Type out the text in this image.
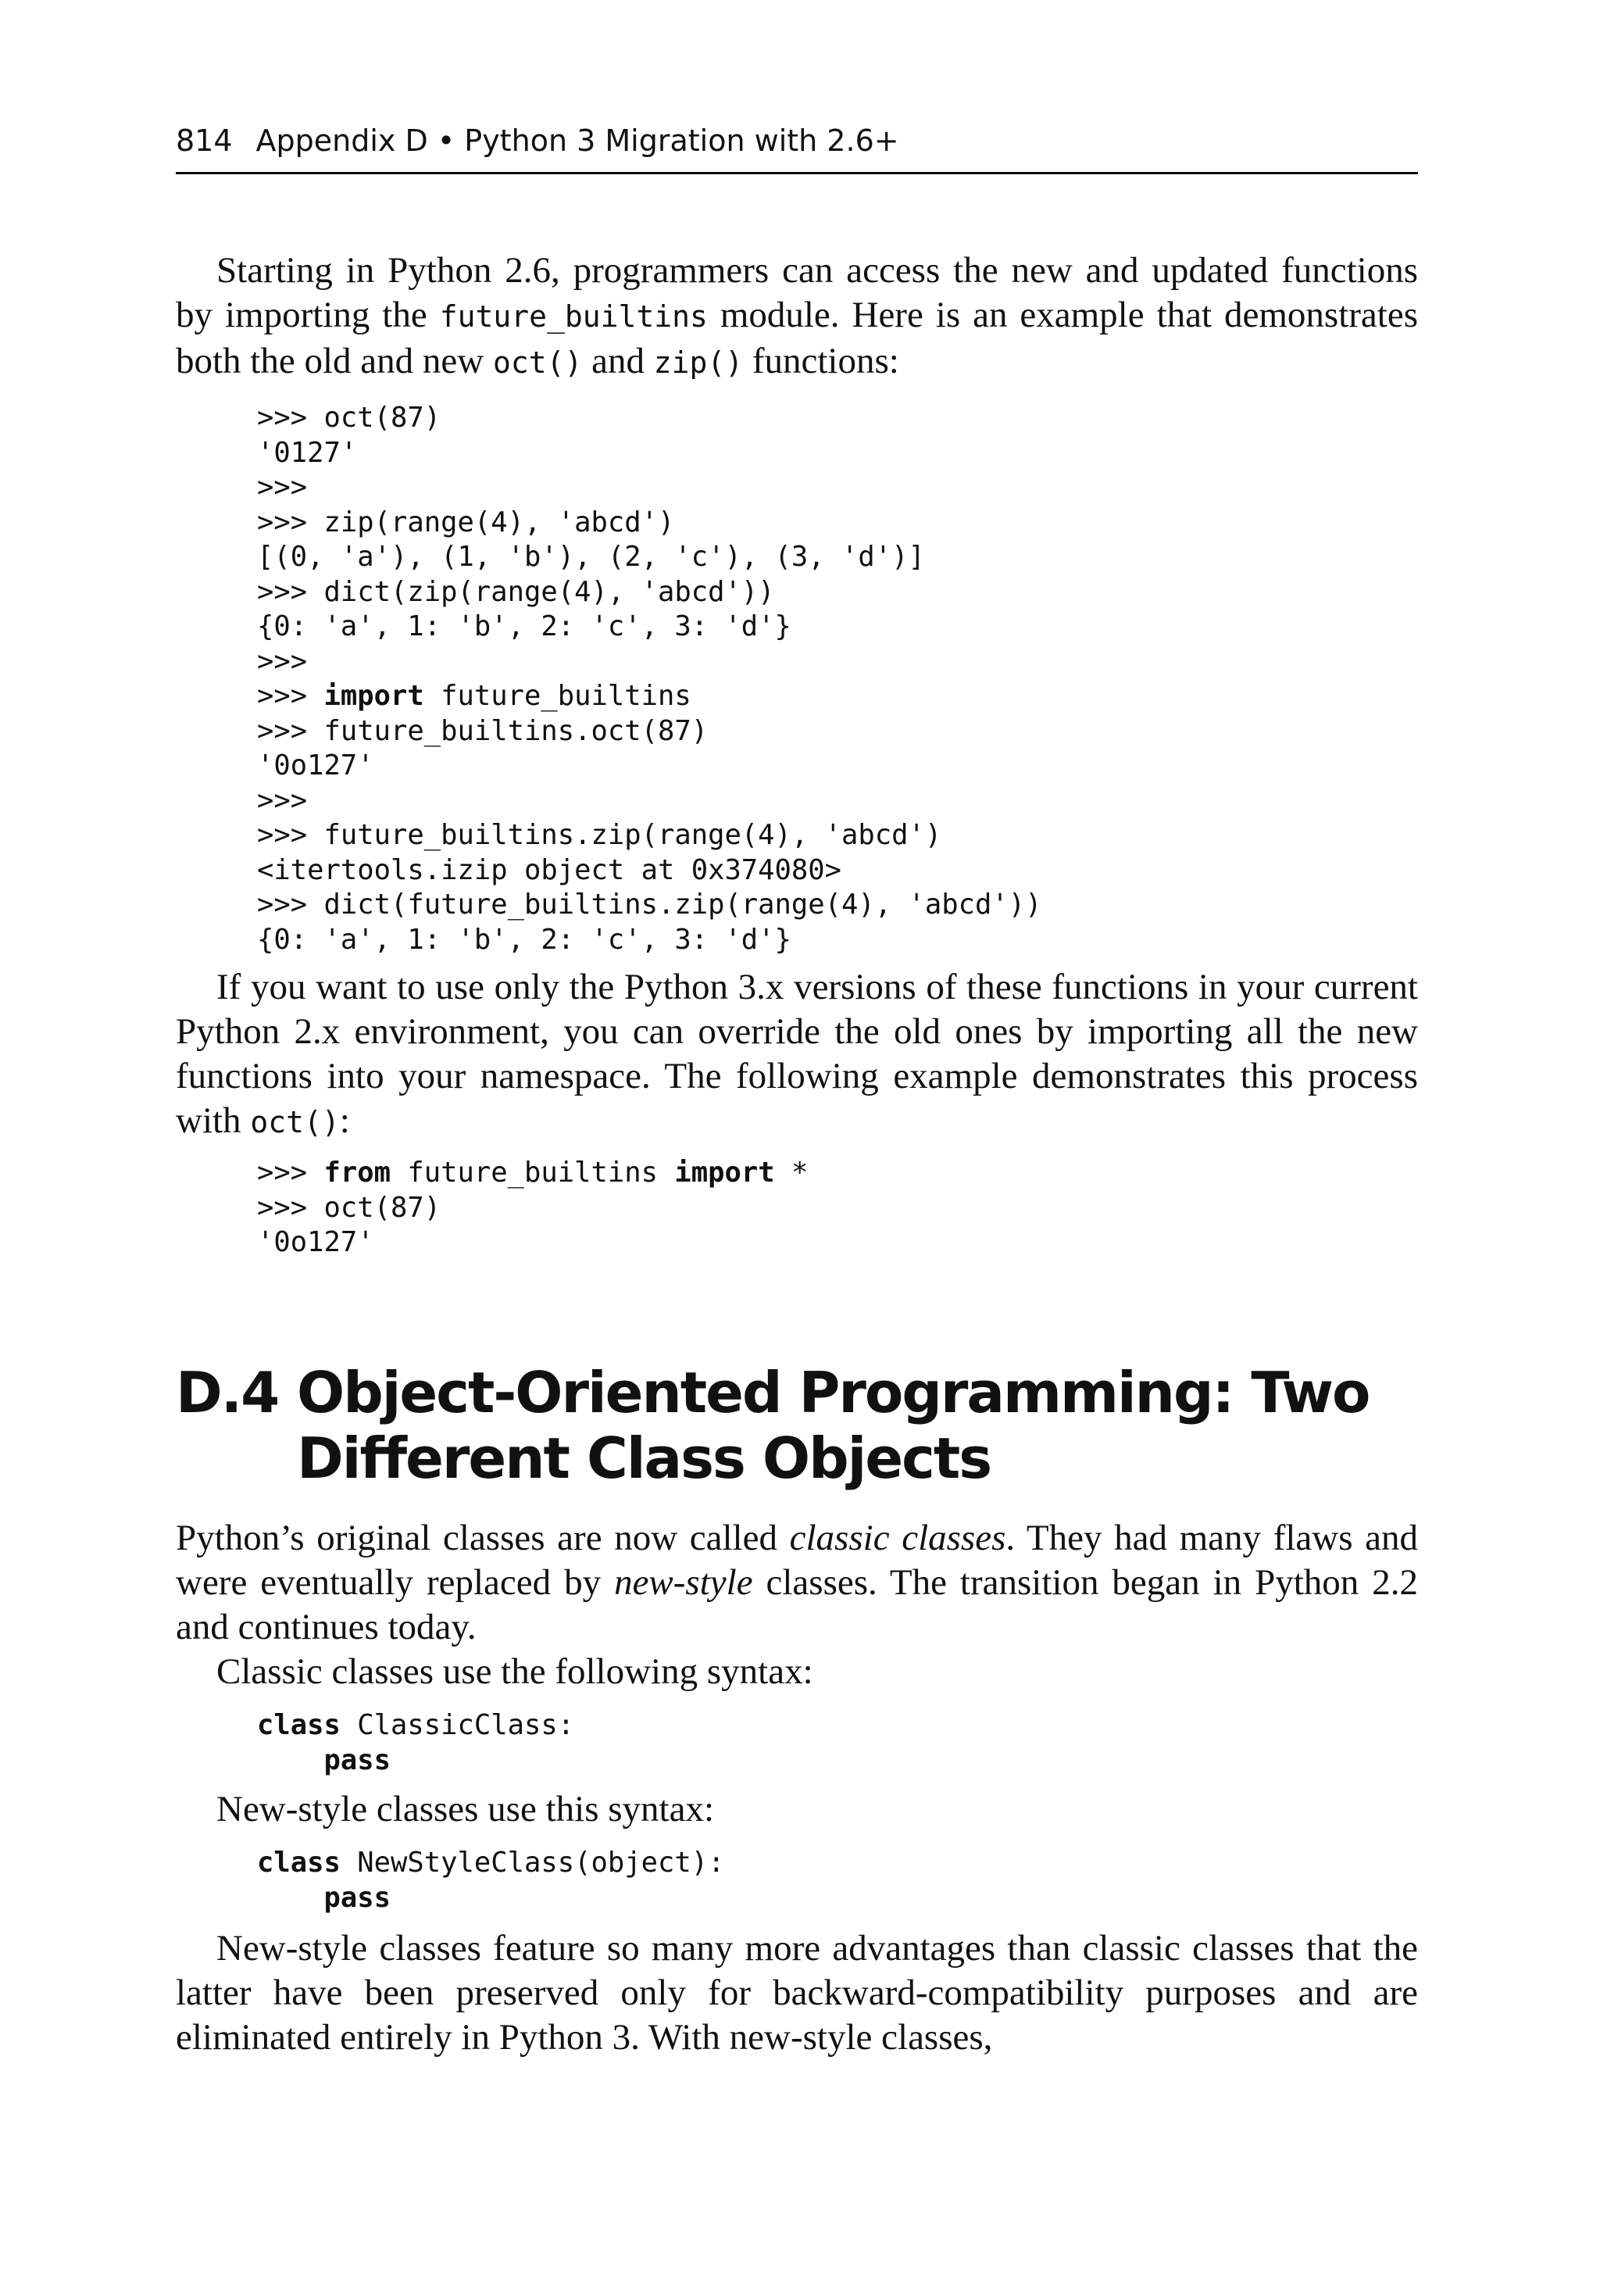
814 Appendix D • Python 3 Migration with 2.6+

Starting in Python 2.6, programmers can access the new and updated functions by importing the future_builtins module. Here is an example that demonstrates both the old and new oct() and zip() functions:

>>> oct(87)
'0127'
>>>
>>> zip(range(4), 'abcd')
[(0, 'a'), (1, 'b'), (2, 'c'), (3, 'd')]
>>> dict(zip(range(4), 'abcd'))
{0: 'a', 1: 'b', 2: 'c', 3: 'd'}
>>>
>>> import future_builtins
>>> future_builtins.oct(87)
'0o127'
>>>
>>> future_builtins.zip(range(4), 'abcd')
<itertools.izip object at 0x374080>
>>> dict(future_builtins.zip(range(4), 'abcd'))
{0: 'a', 1: 'b', 2: 'c', 3: 'd'}

If you want to use only the Python 3.x versions of these functions in your current Python 2.x environment, you can override the old ones by importing all the new functions into your namespace. The following example demonstrates this process with oct():

>>> from future_builtins import *
>>> oct(87)
'0o127'
D.4 Object-Oriented Programming: Two
Different Class Objects

Python’s original classes are now called classic classes. They had many flaws and were eventually replaced by new-style classes. The transition began in Python 2.2 and continues today.

Classic classes use the following syntax:

class ClassicClass:
pass

New-style classes use this syntax:

class NewStyleClass(object):
pass

New-style classes feature so many more advantages than classic classes that the latter have been preserved only for backward-compatibility purposes and are eliminated entirely in Python 3. With new-style classes,
